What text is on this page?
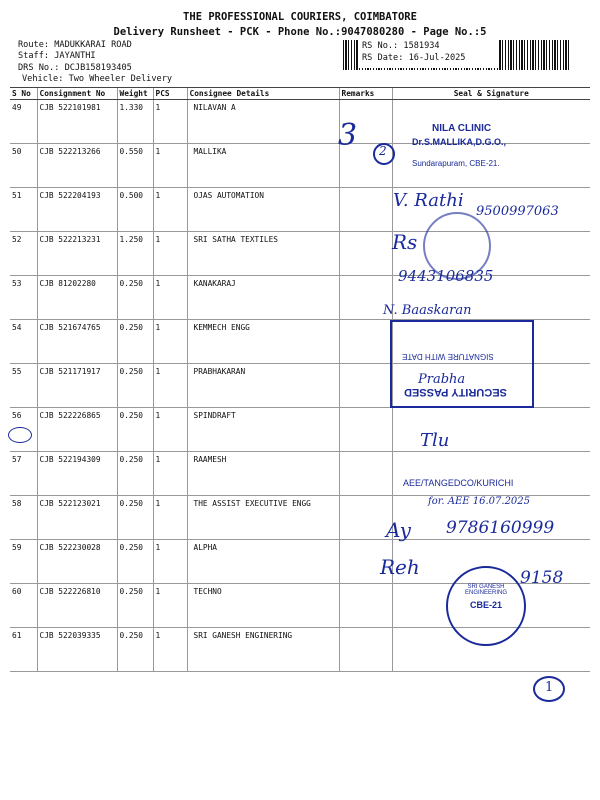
THE PROFESSIONAL COURIERS, COIMBATORE
Delivery Runsheet - PCK - Phone No.:9047080280 - Page No.:5
Route: MADUKKARAI ROAD
Staff: JAYANTHI
DRS No.: DCJB158193405
Vehicle: Two Wheeler Delivery
RS No.: 1581934
RS Date: 16-Jul-2025
S No	Consignment No	Weight	PCS	Consignee Details	Remarks	Seal & Signature
49	CJB 522101981	1.330	1	NILAVAN A		
50	CJB 522213266	0.550	1	MALLIKA		
51	CJB 522204193	0.500	1	OJAS AUTOMATION		
52	CJB 522213231	1.250	1	SRI SATHA TEXTILES		
53	CJB 81202280	0.250	1	KANAKARAJ		
54	CJB 521674765	0.250	1	KEMMECH ENGG		
55	CJB 521171917	0.250	1	PRABHAKARAN		
56	CJB 522226865	0.250	1	SPINDRAFT		
57	CJB 522194309	0.250	1	RAAMESH		
58	CJB 522123021	0.250	1	THE ASSIST EXECUTIVE ENGG		
59	CJB 522230028	0.250	1	ALPHA		
60	CJB 522226810	0.250	1	TECHNO		
61	CJB 522039335	0.250	1	SRI GANESH ENGINERING		
3 2
NILA CLINIC
Dr.S.MALLIKA,D.G.O.,
Sundarapuram, CBE-21.
V. Rathi
9500997063
Rs
9443106835
N. Baaskaran
SIGNATURE WITH DATE
SECURITY PASSED
Prabha
Tlu
AEE/TANGEDCO/KURICHI
for. AEE 16.07.2025
Ay 9786160999
Reh	9158
SRI GANESH ENGINEERING
CBE-21
1
